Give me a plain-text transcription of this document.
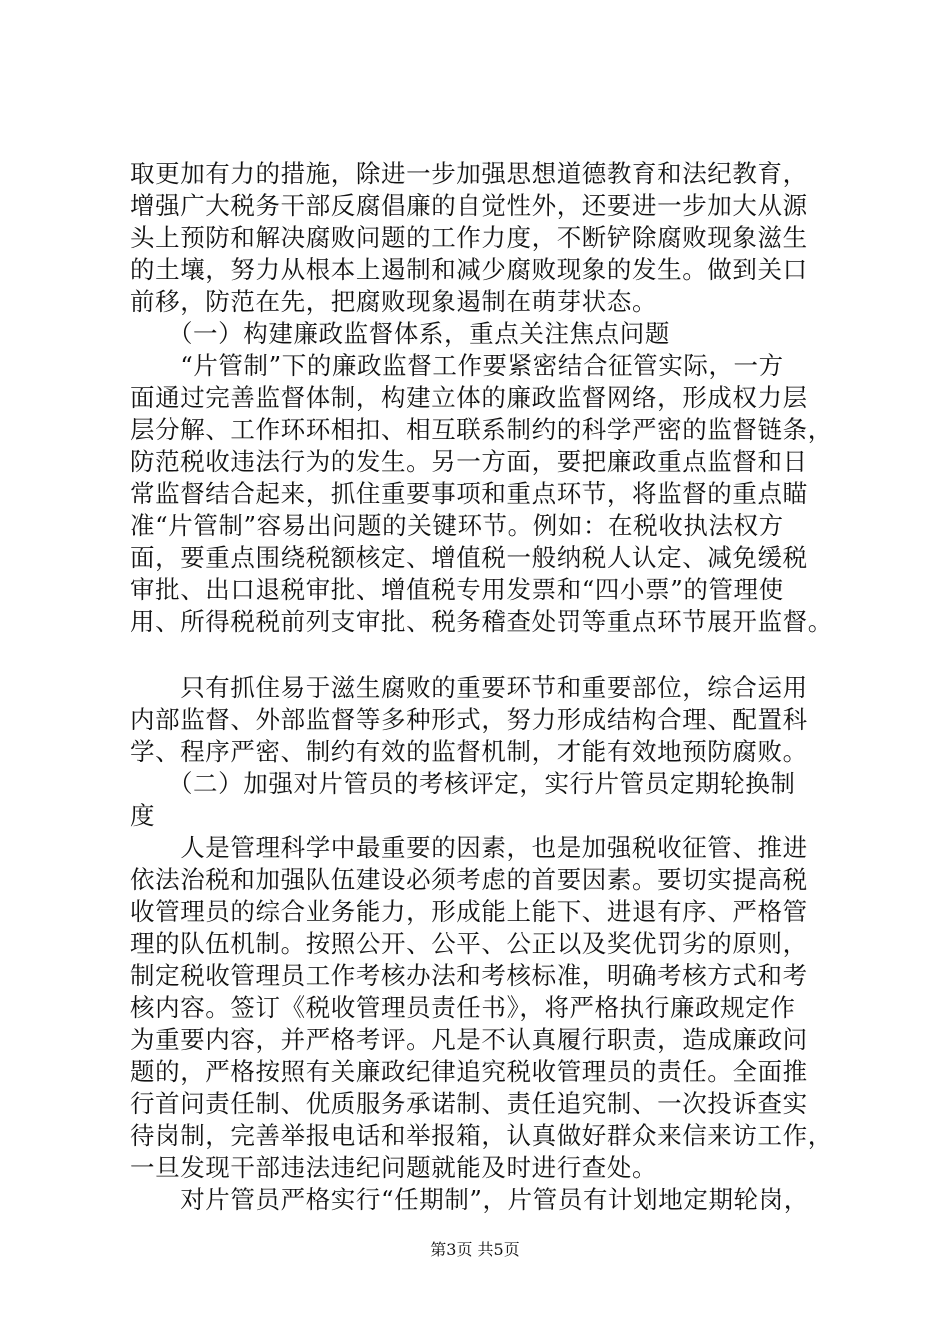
取更加有力的措施，除进一步加强思想道德教育和法纪教育，
增强广大税务干部反腐倡廉的自觉性外，还要进一步加大从源
头上预防和解决腐败问题的工作力度，不断铲除腐败现象滋生
的土壤，努力从根本上遏制和减少腐败现象的发生。做到关口
前移，防范在先，把腐败现象遏制在萌芽状态。
　　（一）构建廉政监督体系，重点关注焦点问题
　　“片管制”下的廉政监督工作要紧密结合征管实际，一方
面通过完善监督体制，构建立体的廉政监督网络，形成权力层
层分解、工作环环相扣、相互联系制约的科学严密的监督链条，
防范税收违法行为的发生。另一方面，要把廉政重点监督和日
常监督结合起来，抓住重要事项和重点环节，将监督的重点瞄
准“片管制”容易出问题的关键环节。例如：在税收执法权方
面，要重点围绕税额核定、增值税一般纳税人认定、减免缓税
审批、出口退税审批、增值税专用发票和“四小票”的管理使
用、所得税税前列支审批、税务稽查处罚等重点环节展开监督。
　　只有抓住易于滋生腐败的重要环节和重要部位，综合运用
内部监督、外部监督等多种形式，努力形成结构合理、配置科
学、程序严密、制约有效的监督机制，才能有效地预防腐败。
　　（二）加强对片管员的考核评定，实行片管员定期轮换制
度
　　人是管理科学中最重要的因素，也是加强税收征管、推进
依法治税和加强队伍建设必须考虑的首要因素。要切实提高税
收管理员的综合业务能力，形成能上能下、进退有序、严格管
理的队伍机制。按照公开、公平、公正以及奖优罚劣的原则，
制定税收管理员工作考核办法和考核标准，明确考核方式和考
核内容。签订《税收管理员责任书》，将严格执行廉政规定作
为重要内容，并严格考评。凡是不认真履行职责，造成廉政问
题的，严格按照有关廉政纪律追究税收管理员的责任。全面推
行首问责任制、优质服务承诺制、责任追究制、一次投诉查实
待岗制，完善举报电话和举报箱，认真做好群众来信来访工作，
一旦发现干部违法违纪问题就能及时进行查处。
　　对片管员严格实行“任期制”，片管员有计划地定期轮岗，
第3页 共5页
